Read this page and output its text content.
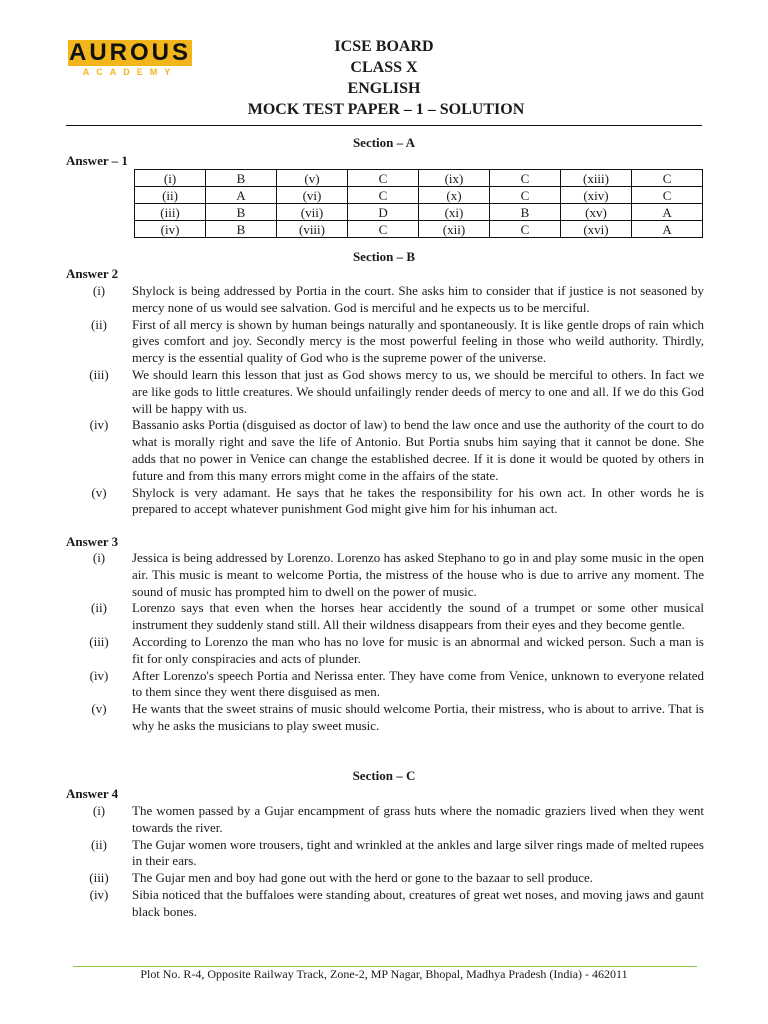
AUROUS
ACADEMY
ICSE BOARD
CLASS X
ENGLISH
MOCK TEST PAPER – 1 – SOLUTION
Section – A
Answer – 1
(i)	B	(v)	C	(ix)	C	(xiii)	C
(ii)	A	(vi)	C	(x)	C	(xiv)	C
(iii)	B	(vii)	D	(xi)	B	(xv)	A
(iv)	B	(viii)	C	(xii)	C	(xvi)	A
Section – B
Answer 2
(i)	Shylock is being addressed by Portia in the court. She asks him to consider that if justice is not seasoned by mercy none of us would see salvation. God is merciful and he expects us to be merciful.
(ii)	First of all mercy is shown by human beings naturally and spontaneously. It is like gentle drops of rain which gives comfort and joy. Secondly mercy is the most powerful feeling in those who weild authority. Thirdly, mercy is the essential quality of God who is the supreme power of the universe.
(iii)	We should learn this lesson that just as God shows mercy to us, we should be merciful to others. In fact we are like gods to little creatures. We should unfailingly render deeds of mercy to one and all. If we do this God will be happy with us.
(iv)	Bassanio asks Portia (disguised as doctor of law) to bend the law once and use the authority of the court to do what is morally right and save the life of Antonio. But Portia snubs him saying that it cannot be done. She adds that no power in Venice can change the established decree. If it is done it would be quoted by others in future and from this many errors might come in the affairs of the state.
(v)	Shylock is very adamant. He says that he takes the responsibility for his own act. In other words he is prepared to accept whatever punishment God might give him for his inhuman act.
Answer 3
(i)	Jessica is being addressed by Lorenzo. Lorenzo has asked Stephano to go in and play some music in the open air. This music is meant to welcome Portia, the mistress of the house who is due to arrive any moment. The sound of music has prompted him to dwell on the power of music.
(ii)	Lorenzo says that even when the horses hear accidently the sound of a trumpet or some other musical instrument they suddenly stand still. All their wildness disappears from their eyes and they become gentle.
(iii)	According to Lorenzo the man who has no love for music is an abnormal and wicked person. Such a man is fit for only conspiracies and acts of plunder.
(iv)	After Lorenzo's speech Portia and Nerissa enter. They have come from Venice, unknown to everyone related to them since they went there disguised as men.
(v)	He wants that the sweet strains of music should welcome Portia, their mistress, who is about to arrive. That is why he asks the musicians to play sweet music.
Section – C
Answer 4
(i)	The women passed by a Gujar encampment of grass huts where the nomadic graziers lived when they went towards the river.
(ii)	The Gujar women wore trousers, tight and wrinkled at the ankles and large silver rings made of melted rupees in their ears.
(iii)	The Gujar men and boy had gone out with the herd or gone to the bazaar to sell produce.
(iv)	Sibia noticed that the buffaloes were standing about, creatures of great wet noses, and moving jaws and gaunt black bones.
Plot No. R-4, Opposite Railway Track, Zone-2, MP Nagar, Bhopal, Madhya Pradesh (India) - 462011
